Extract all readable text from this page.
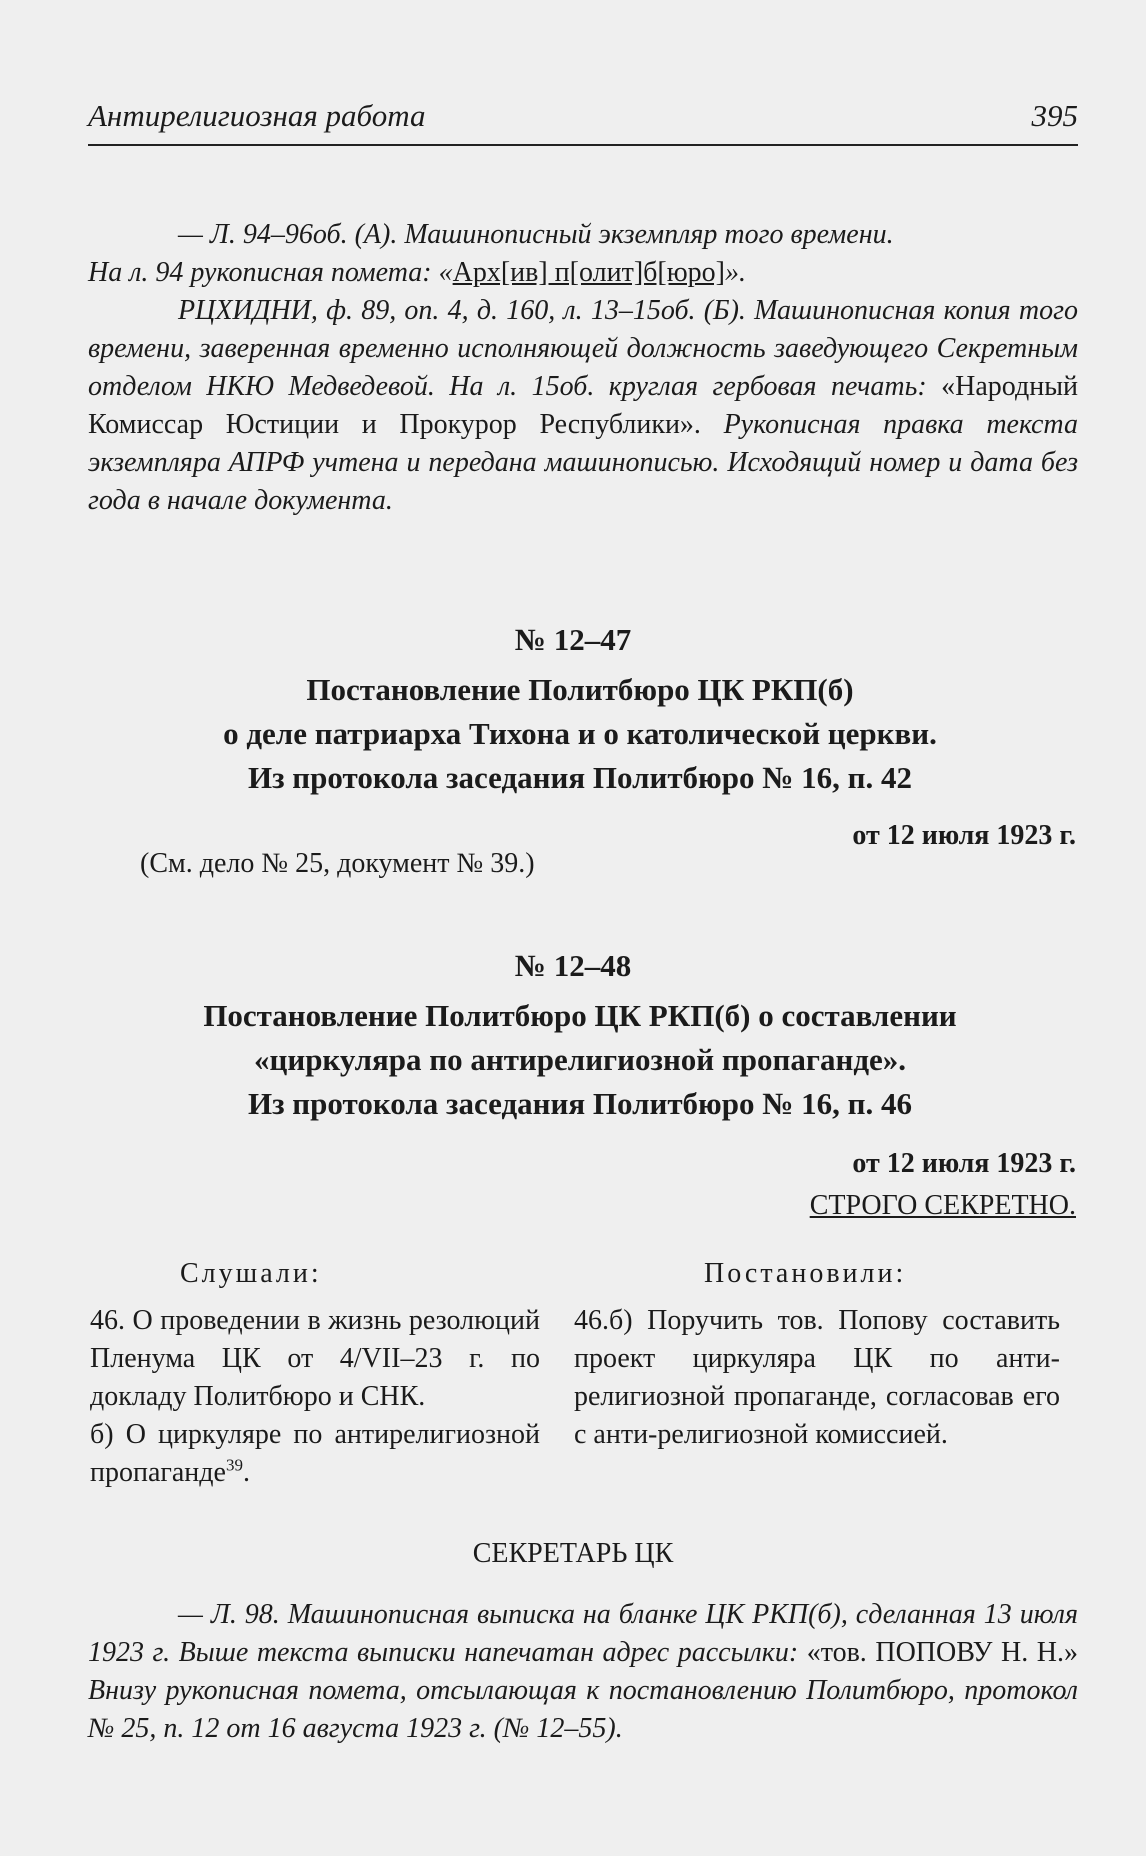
Антирелигиозная работа	395

— Л. 94–96об. (А). Машинописный экземпляр того времени.

На л. 94 рукописная помета: «Арх[ив] п[олит]б[юро]».

РЦХИДНИ, ф. 89, оп. 4, д. 160, л. 13–15об. (Б). Машинописная копия того времени, заверенная временно исполняющей должность заведующего Секретным отделом НКЮ Медведевой. На л. 15об. круглая гербовая печать: «Народный Комиссар Юстиции и Прокурор Республики». Рукописная правка текста экземпляра АПРФ учтена и передана машинописью. Исходящий номер и дата без года в начале документа.

№ 12–47
Постановление Политбюро ЦК РКП(б)
о деле патриарха Тихона и о католической церкви.
Из протокола заседания Политбюро № 16, п. 42
от 12 июля 1923 г.
(См. дело № 25, документ № 39.)
№ 12–48
Постановление Политбюро ЦК РКП(б) о составлении
«циркуляра по антирелигиозной пропаганде».
Из протокола заседания Политбюро № 16, п. 46
от 12 июля 1923 г.
СТРОГО СЕКРЕТНО.
Слушали:	Постановили:

46. О проведении в жизнь резолюций Пленума ЦК от 4/VII–23 г. по докладу Политбюро и СНК.

б) О циркуляре по антирелигиозной пропаганде$^{39}$.

46.б) Поручить тов. Попову составить проект циркуляра ЦК по анти-религиозной пропаганде, согласовав его с анти-религиозной комиссией.

СЕКРЕТАРЬ ЦК

— Л. 98. Машинописная выписка на бланке ЦК РКП(б), сделанная 13 июля 1923 г. Выше текста выписки напечатан адрес рассылки: «тов. ПОПОВУ Н. Н.» Внизу рукописная помета, отсылающая к постановлению Политбюро, протокол № 25, п. 12 от 16 августа 1923 г. (№ 12–55).
